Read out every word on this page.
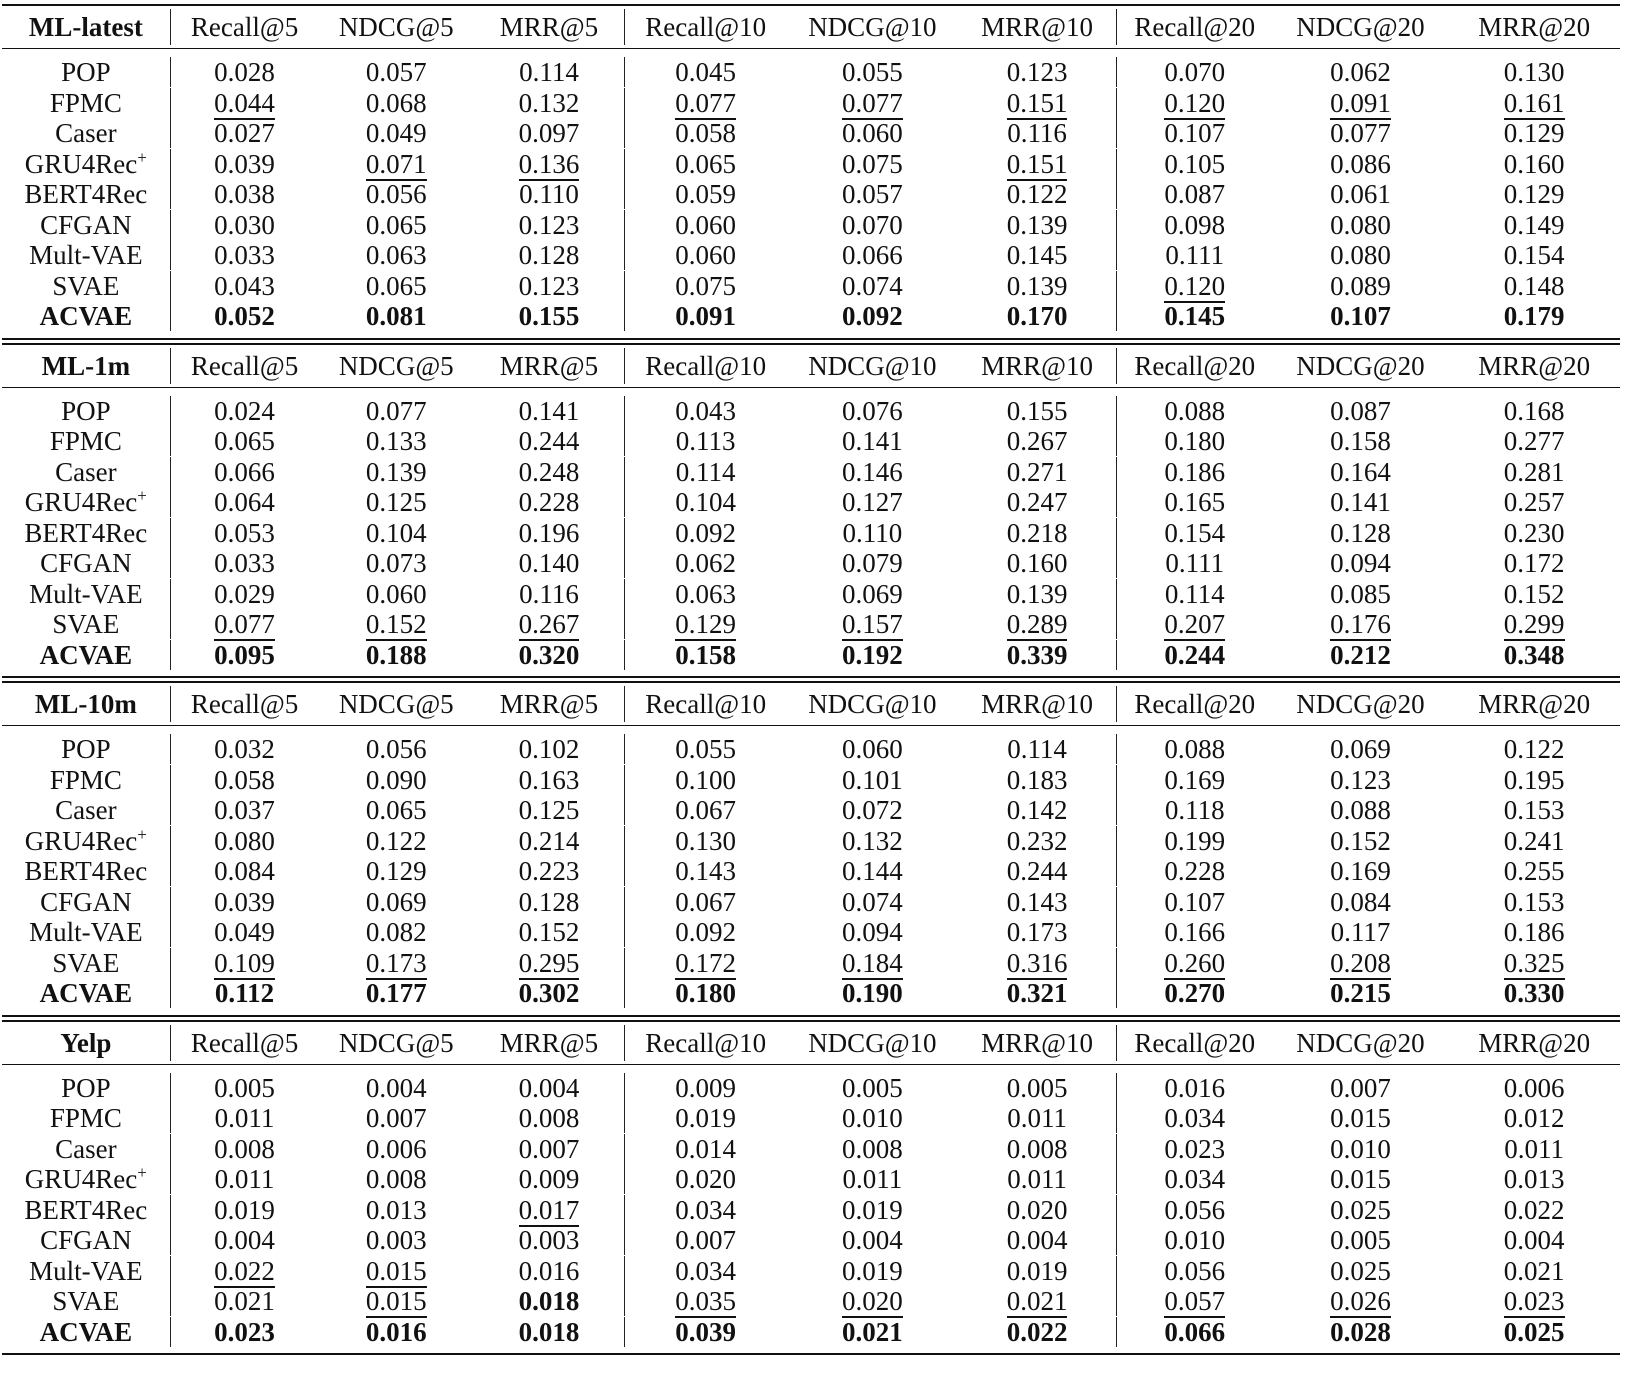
ML-latest	Recall@5	NDCG@5	MRR@5	Recall@10	NDCG@10	MRR@10	Recall@20	NDCG@20	MRR@20
POP	0.028	0.057	0.114	0.045	0.055	0.123	0.070	0.062	0.130
FPMC	0.044	0.068	0.132	0.077	0.077	0.151	0.120	0.091	0.161
Caser	0.027	0.049	0.097	0.058	0.060	0.116	0.107	0.077	0.129
GRU4Rec+	0.039	0.071	0.136	0.065	0.075	0.151	0.105	0.086	0.160
BERT4Rec	0.038	0.056	0.110	0.059	0.057	0.122	0.087	0.061	0.129
CFGAN	0.030	0.065	0.123	0.060	0.070	0.139	0.098	0.080	0.149
Mult-VAE	0.033	0.063	0.128	0.060	0.066	0.145	0.111	0.080	0.154
SVAE	0.043	0.065	0.123	0.075	0.074	0.139	0.120	0.089	0.148
ACVAE	0.052	0.081	0.155	0.091	0.092	0.170	0.145	0.107	0.179
ML-1m	Recall@5	NDCG@5	MRR@5	Recall@10	NDCG@10	MRR@10	Recall@20	NDCG@20	MRR@20
POP	0.024	0.077	0.141	0.043	0.076	0.155	0.088	0.087	0.168
FPMC	0.065	0.133	0.244	0.113	0.141	0.267	0.180	0.158	0.277
Caser	0.066	0.139	0.248	0.114	0.146	0.271	0.186	0.164	0.281
GRU4Rec+	0.064	0.125	0.228	0.104	0.127	0.247	0.165	0.141	0.257
BERT4Rec	0.053	0.104	0.196	0.092	0.110	0.218	0.154	0.128	0.230
CFGAN	0.033	0.073	0.140	0.062	0.079	0.160	0.111	0.094	0.172
Mult-VAE	0.029	0.060	0.116	0.063	0.069	0.139	0.114	0.085	0.152
SVAE	0.077	0.152	0.267	0.129	0.157	0.289	0.207	0.176	0.299
ACVAE	0.095	0.188	0.320	0.158	0.192	0.339	0.244	0.212	0.348
ML-10m	Recall@5	NDCG@5	MRR@5	Recall@10	NDCG@10	MRR@10	Recall@20	NDCG@20	MRR@20
POP	0.032	0.056	0.102	0.055	0.060	0.114	0.088	0.069	0.122
FPMC	0.058	0.090	0.163	0.100	0.101	0.183	0.169	0.123	0.195
Caser	0.037	0.065	0.125	0.067	0.072	0.142	0.118	0.088	0.153
GRU4Rec+	0.080	0.122	0.214	0.130	0.132	0.232	0.199	0.152	0.241
BERT4Rec	0.084	0.129	0.223	0.143	0.144	0.244	0.228	0.169	0.255
CFGAN	0.039	0.069	0.128	0.067	0.074	0.143	0.107	0.084	0.153
Mult-VAE	0.049	0.082	0.152	0.092	0.094	0.173	0.166	0.117	0.186
SVAE	0.109	0.173	0.295	0.172	0.184	0.316	0.260	0.208	0.325
ACVAE	0.112	0.177	0.302	0.180	0.190	0.321	0.270	0.215	0.330
Yelp	Recall@5	NDCG@5	MRR@5	Recall@10	NDCG@10	MRR@10	Recall@20	NDCG@20	MRR@20
POP	0.005	0.004	0.004	0.009	0.005	0.005	0.016	0.007	0.006
FPMC	0.011	0.007	0.008	0.019	0.010	0.011	0.034	0.015	0.012
Caser	0.008	0.006	0.007	0.014	0.008	0.008	0.023	0.010	0.011
GRU4Rec+	0.011	0.008	0.009	0.020	0.011	0.011	0.034	0.015	0.013
BERT4Rec	0.019	0.013	0.017	0.034	0.019	0.020	0.056	0.025	0.022
CFGAN	0.004	0.003	0.003	0.007	0.004	0.004	0.010	0.005	0.004
Mult-VAE	0.022	0.015	0.016	0.034	0.019	0.019	0.056	0.025	0.021
SVAE	0.021	0.015	0.018	0.035	0.020	0.021	0.057	0.026	0.023
ACVAE	0.023	0.016	0.018	0.039	0.021	0.022	0.066	0.028	0.025
